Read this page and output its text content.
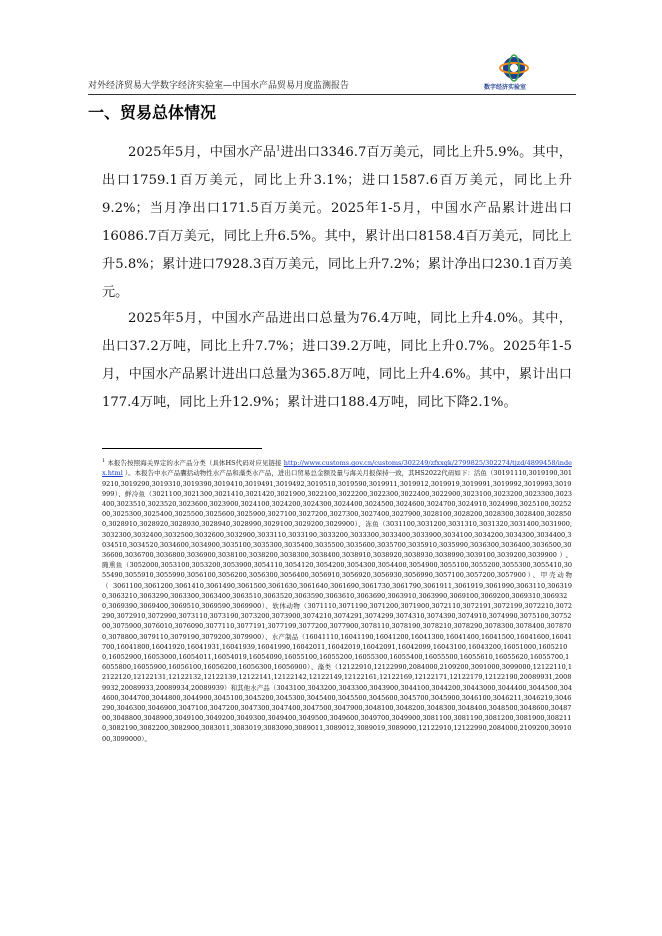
对外经济贸易大学数字经济实验室—中国水产品贸易月度监测报告	数字经济实验室
一、贸易总体情况

2025年5月，中国水产品$^1$进出口3346.7百万美元，同比上升5.9%。其中，出口1759.1百万美元，同比上升3.1%；进口1587.6百万美元，同比上升9.2%；当月净出口171.5百万美元。2025年1-5月，中国水产品累计进出口16086.7百万美元，同比上升6.5%。其中，累计出口8158.4百万美元，同比上升5.8%；累计进口7928.3百万美元，同比上升7.2%；累计净出口230.1百万美元。

2025年5月，中国水产品进出口总量为76.4万吨，同比上升4.0%。其中，出口37.2万吨，同比上升7.7%；进口39.2万吨，同比上升0.7%。2025年1-5月，中国水产品累计进出口总量为365.8万吨，同比上升4.6%。其中，累计出口177.4万吨，同比上升12.9%；累计进口188.4万吨，同比下降2.1%。

$^1$ 本报告按照海关界定的水产品分类（具体HS代码对应见链接 http://www.customs.gov.cn/customs/302249/zfxxgk/2799825/302274/tjzd/4899458/index.html ）。本报告中水产品囊括动物性水产品和藻类水产品，进出口贸易总金额及量与海关月报保持一致，其HS2022代码如下：活鱼（30191110,3019190,3019210,3019290,3019310,3019390,3019410,3019491,3019492,3019510,3019590,3019911,3019912,3019919,3019991,3019992,3019993,3019999）、鲜冷鱼（3021100,3021300,3021410,3021420,3021900,3022100,3022200,3022300,3022400,3022900,3023100,3023200,3023300,3023400,3023510,3023520,3023600,3023900,3024100,3024200,3024300,3024400,3024500,3024600,3024700,3024910,3024990,3025100,3025200,3025300,3025400,3025500,3025600,3025900,3027100,3027200,3027300,3027400,3027900,3028100,3028200,3028300,3028400,3028500,3028910,3028920,3028930,3028940,3028990,3029100,3029200,3029900）、冻鱼（3031100,3031200,3031310,3031320,3031400,3031900,3032300,3032400,3032500,3032600,3032900,3033110,3033190,3033200,3033300,3033400,3033900,3034100,3034200,3034300,3034400,3034510,3034520,3034600,3034900,3035100,3035300,3035400,3035500,3035600,3035700,3035910,3035990,3036300,3036400,3036500,3036600,3036700,3036800,3036900,3038100,3038200,3038300,3038400,3038910,3038920,3038930,3038990,3039100,3039200,3039900）、腌熏鱼（3052000,3053100,3053200,3053900,3054110,3054120,3054200,3054300,3054400,3054900,3055100,3055200,3055300,3055410,3055490,3055910,3055990,3056100,3056200,3056300,3056400,3056910,3056920,3056930,3056990,3057100,3057200,3057900）、甲壳动物（3061100,3061200,3061410,3061490,3061500,3061630,3061640,3061690,3061730,3061790,3061911,3061919,3061990,3063110,3063190,3063210,3063290,3063300,3063400,3063510,3063520,3063590,3063610,3063690,3063910,3063990,3069100,3069200,3069310,3069320,3069390,3069400,3069510,3069590,3069900）、软体动物（3071110,3071190,3071200,3071900,3072110,3072191,3072199,3072210,3072290,3072910,3072990,3073110,3073190,3073200,3073900,3074210,3074291,3074299,3074310,3074390,3074910,3074990,3075100,3075200,3075900,3076010,3076090,3077110,3077191,3077199,3077200,3077900,3078110,3078190,3078210,3078290,3078300,3078400,3078700,3078800,3079110,3079190,3079200,3079900）、水产制品（16041110,16041190,16041200,16041300,16041400,16041500,16041600,16041700,16041800,16041920,16041931,16041939,16041990,16042011,16042019,16042091,16042099,16043100,16043200,16051000,16052100,16052900,16053000,16054011,16054019,16054090,16055100,16055200,16055300,16055400,16055500,16055610,16055620,16055700,16055800,16055900,16056100,16056200,16056300,16056900）、藻类（12122910,12122990,2084000,2109200,3091000,3099000,12122110,12122120,12122131,12122132,12122139,12122141,12122142,12122149,12122161,12122169,12122171,12122179,12122190,20089931,20089932,20089933,20089934,20089939）和其他水产品（3043100,3043200,3043300,3043900,3044100,3044200,30443000,3044400,3044500,3044600,3044700,3044800,3044900,3045100,3045200,3045300,3045400,3045500,3045600,3045700,3045900,3046100,3046211,3046219,3046290,3046300,3046900,3047100,3047200,3047300,3047400,3047500,3047900,3048100,3048200,3048300,3048400,3048500,3048600,3048700,3048800,3048900,3049100,3049200,3049300,3049400,3049500,3049600,3049700,3049900,3081100,3081190,3081200,3081900,3082110,3082190,3082200,3082900,3083011,3083019,3083090,3089011,3089012,3089019,3089090,12122910,12122990,2084000,2109200,3091000,3099000）。
